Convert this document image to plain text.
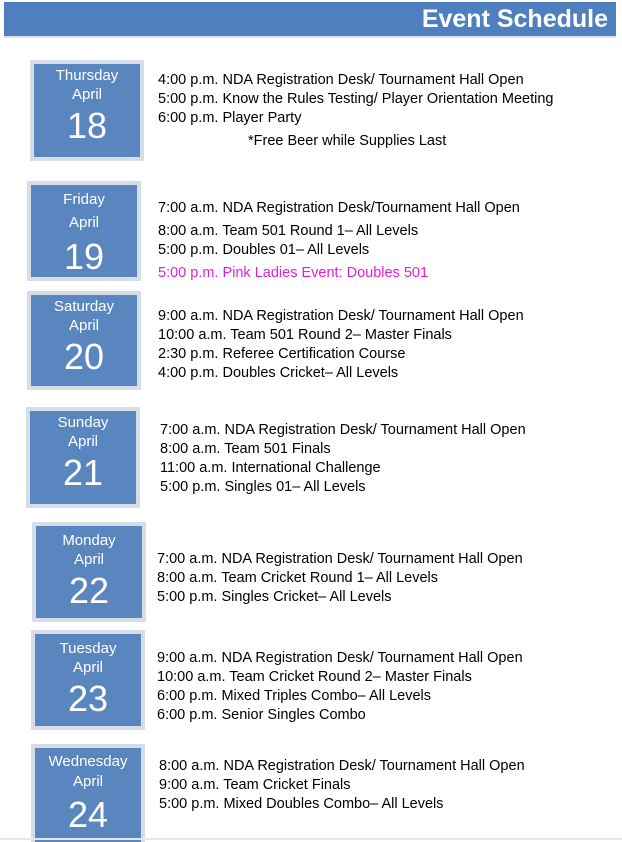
Event Schedule
Thursday
April
18
4:00 p.m. NDA Registration Desk/ Tournament Hall Open
5:00 p.m. Know the Rules Testing/ Player Orientation Meeting
6:00 p.m. Player Party
*Free Beer while Supplies Last
Friday
April
19
7:00 a.m. NDA Registration Desk/Tournament Hall Open
8:00 a.m. Team 501 Round 1– All Levels
5:00 p.m. Doubles 01– All Levels
5:00 p.m. Pink Ladies Event: Doubles 501
Saturday
April
20
9:00 a.m. NDA Registration Desk/ Tournament Hall Open
10:00 a.m. Team 501 Round 2– Master Finals
2:30 p.m. Referee Certification Course
4:00 p.m. Doubles Cricket– All Levels
Sunday
April
21
7:00 a.m. NDA Registration Desk/ Tournament Hall Open
8:00 a.m. Team 501 Finals
11:00 a.m. International Challenge
5:00 p.m. Singles 01– All Levels
Monday
April
22
7:00 a.m. NDA Registration Desk/ Tournament Hall Open
8:00 a.m. Team Cricket Round 1– All Levels
5:00 p.m. Singles Cricket– All Levels
Tuesday
April
23
9:00 a.m. NDA Registration Desk/ Tournament Hall Open
10:00 a.m. Team Cricket Round 2– Master Finals
6:00 p.m. Mixed Triples Combo– All Levels
6:00 p.m. Senior Singles Combo
Wednesday
April
24
8:00 a.m. NDA Registration Desk/ Tournament Hall Open
9:00 a.m. Team Cricket Finals
5:00 p.m. Mixed Doubles Combo– All Levels
